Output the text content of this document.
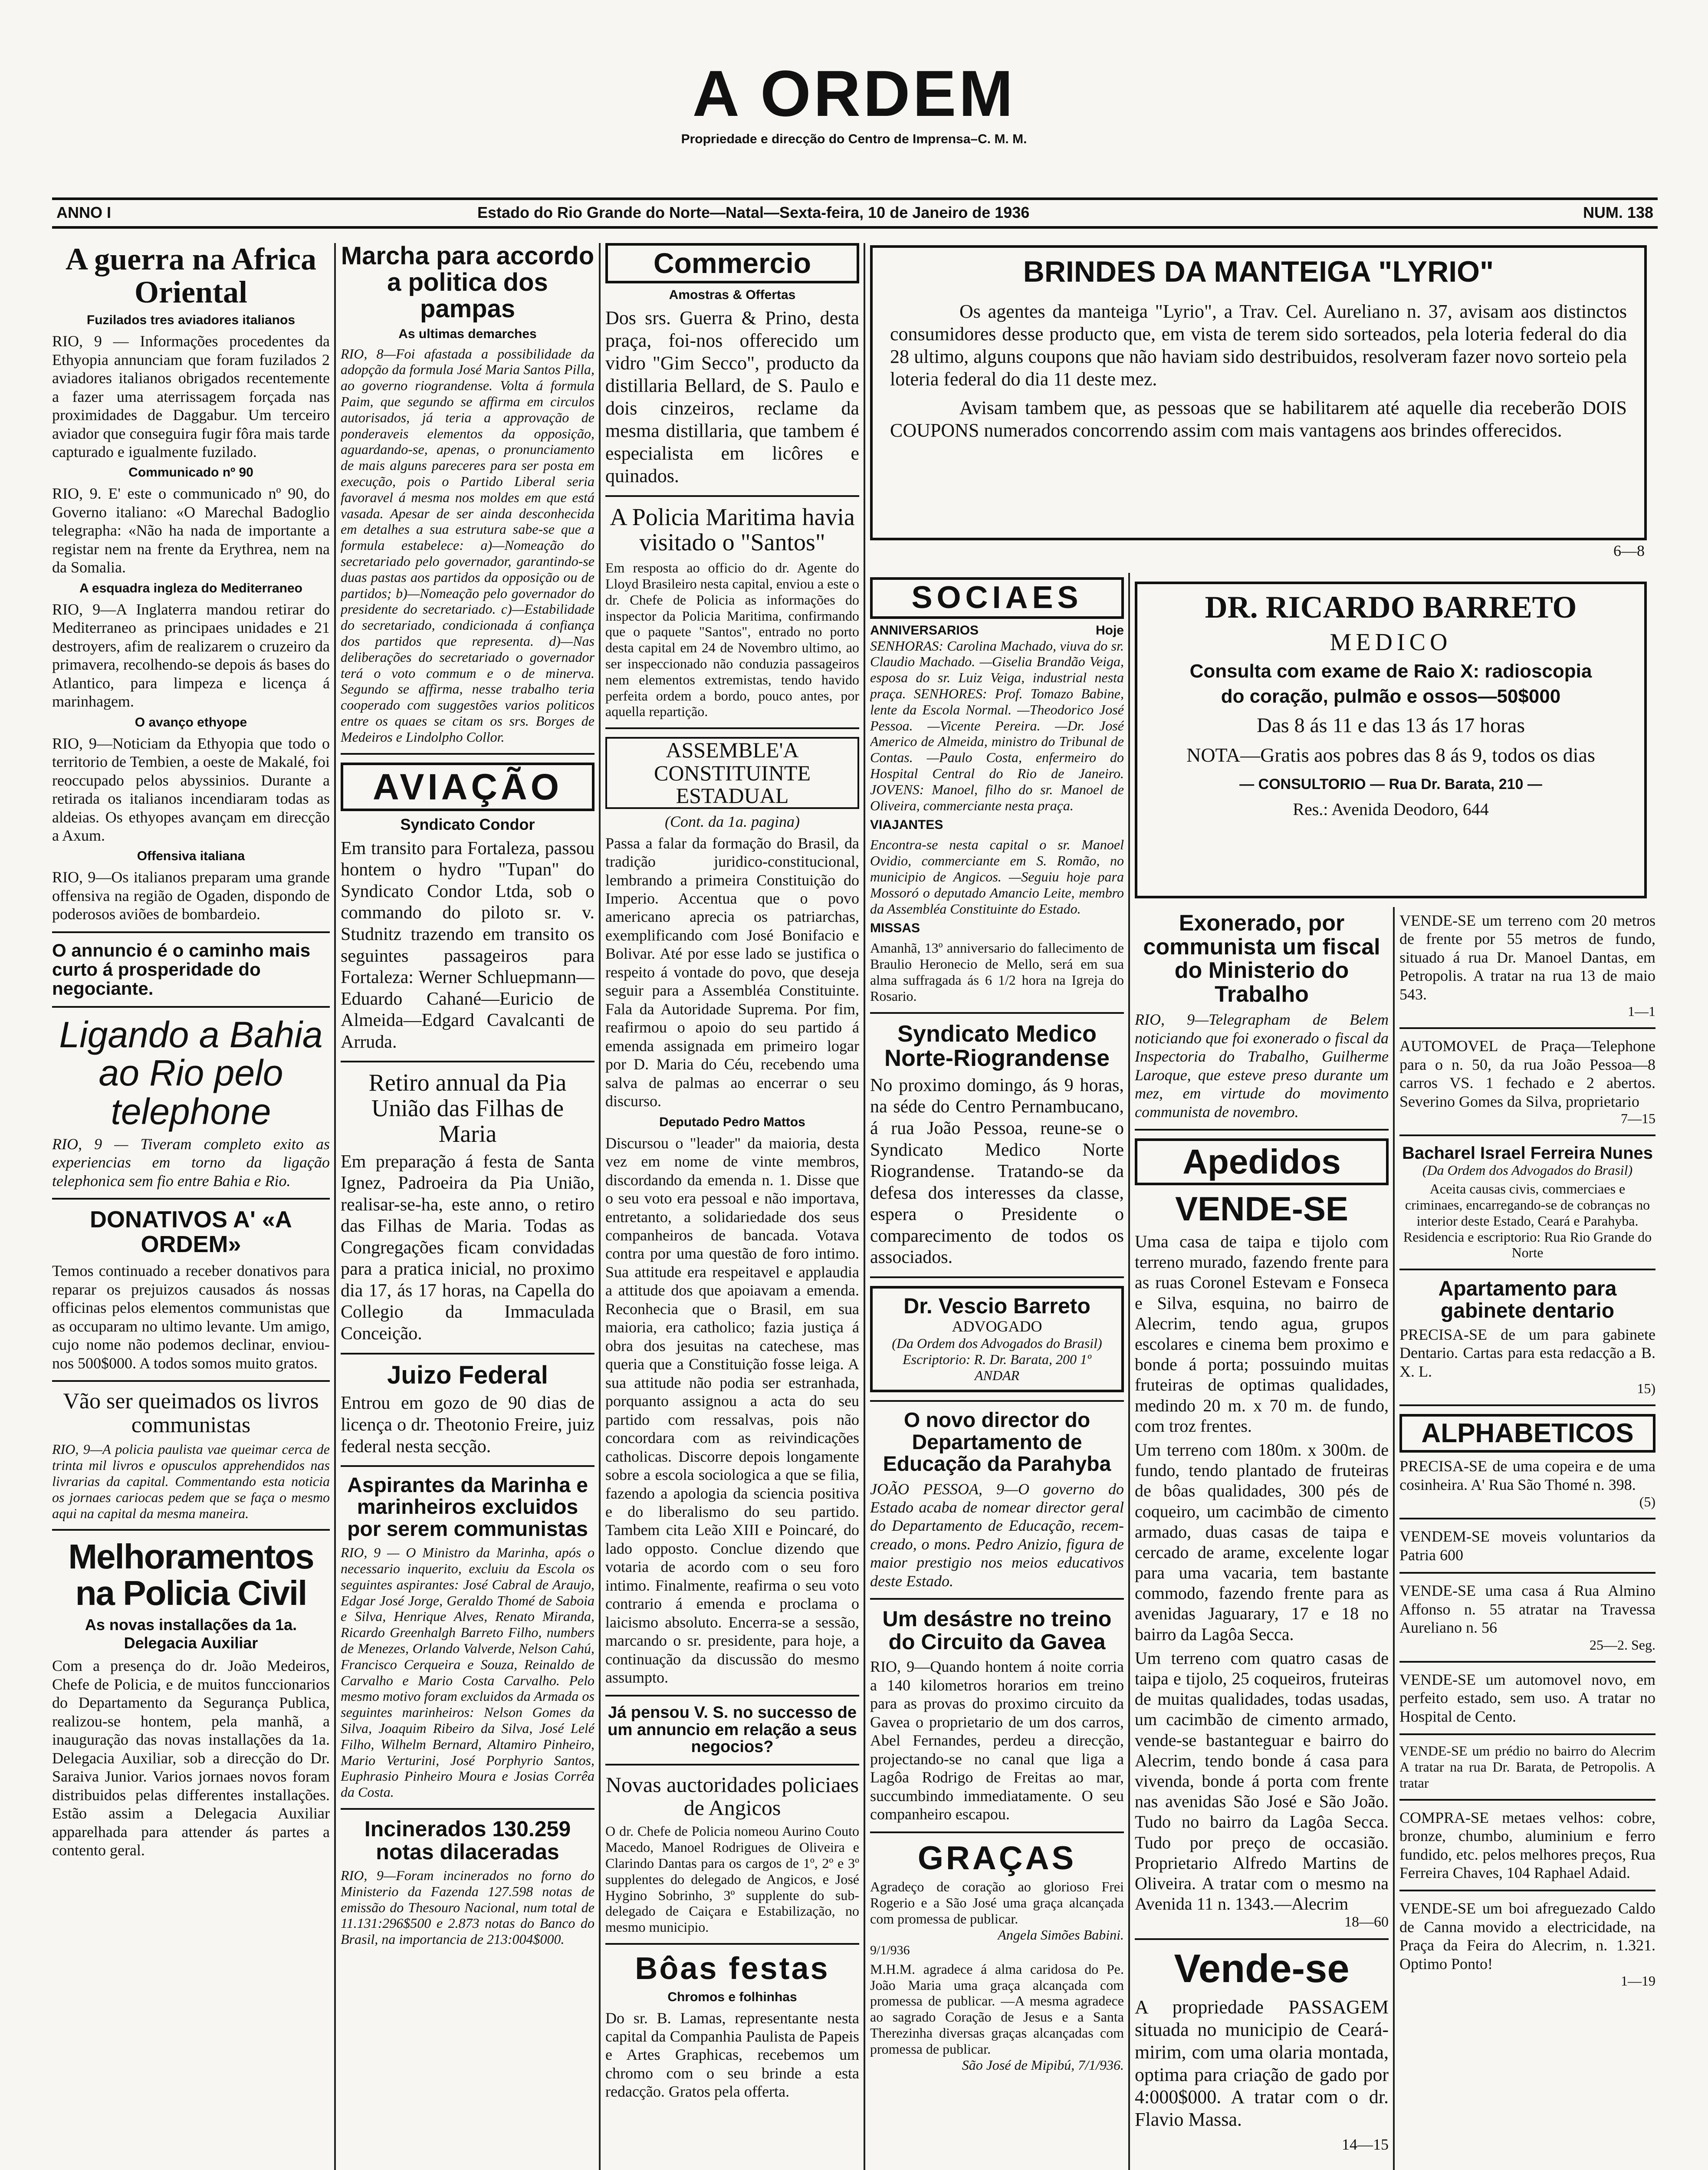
A ORDEM
Propriedade e direcção do Centro de Imprensa–C. M. M.
ANNO I	Estado do Rio Grande do Norte—Natal—Sexta-feira, 10 de Janeiro de 1936	NUM. 138
A guerra na Africa Oriental
Fuzilados tres aviadores italianos
RIO, 9 — Informações procedentes da Ethyopia annunciam que foram fuzilados 2 aviadores italianos obrigados recentemente a fazer uma aterrissagem forçada nas proximidades de Daggabur. Um terceiro aviador que conseguira fugir fôra mais tarde capturado e igualmente fuzilado.
Communicado nº 90
RIO, 9. E' este o communicado nº 90, do Governo italiano: «O Marechal Badoglio telegrapha: «Não ha nada de importante a registar nem na frente da Erythrea, nem na da Somalia.
A esquadra ingleza do Mediterraneo
RIO, 9—A Inglaterra mandou retirar do Mediterraneo as principaes unidades e 21 destroyers, afim de realizarem o cruzeiro da primavera, recolhendo-se depois ás bases do Atlantico, para limpeza e licença á marinhagem.
O avanço ethyope
RIO, 9—Noticiam da Ethyopia que todo o territorio de Tembien, a oeste de Makalé, foi reoccupado pelos abyssinios. Durante a retirada os italianos incendiaram todas as aldeias. Os ethyopes avançam em direcção a Axum.
Offensiva italiana
RIO, 9—Os italianos preparam uma grande offensiva na região de Ogaden, dispondo de poderosos aviões de bombardeio.
O annuncio é o caminho mais curto á prosperidade do negociante.
Ligando a Bahia ao Rio pelo telephone
RIO, 9 — Tiveram completo exito as experiencias em torno da ligação telephonica sem fio entre Bahia e Rio.
DONATIVOS A' «A ORDEM»
Temos continuado a receber donativos para reparar os prejuizos causados ás nossas officinas pelos elementos communistas que as occuparam no ultimo levante. Um amigo, cujo nome não podemos declinar, enviou-nos 500$000. A todos somos muito gratos.
Vão ser queimados os livros communistas
RIO, 9—A policia paulista vae queimar cerca de trinta mil livros e opusculos apprehendidos nas livrarias da capital. Commentando esta noticia os jornaes cariocas pedem que se faça o mesmo aqui na capital da mesma maneira.
Melhoramentos na Policia Civil
As novas installações da 1a. Delegacia Auxiliar
Com a presença do dr. João Medeiros, Chefe de Policia, e de muitos funccionarios do Departamento da Segurança Publica, realizou-se hontem, pela manhã, a inauguração das novas installações da 1a. Delegacia Auxiliar, sob a direcção do Dr. Saraiva Junior. Varios jornaes novos foram distribuidos pelas differentes installações. Estão assim a Delegacia Auxiliar apparelhada para attender ás partes a contento geral.
Marcha para accordo a politica dos pampas
As ultimas demarches
RIO, 8—Foi afastada a possibilidade da adopção da formula José Maria Santos Pilla, ao governo riograndense. Volta á formula Paim, que segundo se affirma em circulos autorisados, já teria a approvação de ponderaveis elementos da opposição, aguardando-se, apenas, o pronunciamento de mais alguns pareceres para ser posta em execução, pois o Partido Liberal seria favoravel á mesma nos moldes em que está vasada. Apesar de ser ainda desconhecida em detalhes a sua estrutura sabe-se que a formula estabelece: a)—Nomeação do secretariado pelo governador, garantindo-se duas pastas aos partidos da opposição ou de partidos; b)—Nomeação pelo governador do presidente do secretariado. c)—Estabilidade do secretariado, condicionada á confiança dos partidos que representa. d)—Nas deliberações do secretariado o governador terá o voto commum e o de minerva. Segundo se affirma, nesse trabalho teria cooperado com suggestões varios politicos entre os quaes se citam os srs. Borges de Medeiros e Lindolpho Collor.
AVIAÇÃO
Syndicato Condor
Em transito para Fortaleza, passou hontem o hydro "Tupan" do Syndicato Condor Ltda, sob o commando do piloto sr. v. Studnitz trazendo em transito os seguintes passageiros para Fortaleza: Werner Schluepmann—Eduardo Cahané—Euricio de Almeida—Edgard Cavalcanti de Arruda.
Retiro annual da Pia União das Filhas de Maria
Em preparação á festa de Santa Ignez, Padroeira da Pia União, realisar-se-ha, este anno, o retiro das Filhas de Maria. Todas as Congregações ficam convidadas para a pratica inicial, no proximo dia 17, ás 17 horas, na Capella do Collegio da Immaculada Conceição.
Juizo Federal
Entrou em gozo de 90 dias de licença o dr. Theotonio Freire, juiz federal nesta secção.
Aspirantes da Marinha e marinheiros excluidos por serem communistas
RIO, 9 — O Ministro da Marinha, após o necessario inquerito, excluiu da Escola os seguintes aspirantes: José Cabral de Araujo, Edgar José Jorge, Geraldo Thomé de Saboia e Silva, Henrique Alves, Renato Miranda, Ricardo Greenhalgh Barreto Filho, numbers de Menezes, Orlando Valverde, Nelson Cahú, Francisco Cerqueira e Souza, Reinaldo de Carvalho e Mario Costa Carvalho. Pelo mesmo motivo foram excluidos da Armada os seguintes marinheiros: Nelson Gomes da Silva, Joaquim Ribeiro da Silva, José Lelé Filho, Wilhelm Bernard, Altamiro Pinheiro, Mario Verturini, José Porphyrio Santos, Euphrasio Pinheiro Moura e Josias Corrêa da Costa.
Incinerados 130.259 notas dilaceradas
RIO, 9—Foram incinerados no forno do Ministerio da Fazenda 127.598 notas de emissão do Thesouro Nacional, num total de 11.131:296$500 e 2.873 notas do Banco do Brasil, na importancia de 213:004$000.
Commercio
Amostras & Offertas
Dos srs. Guerra & Prino, desta praça, foi-nos offerecido um vidro "Gim Secco", producto da distillaria Bellard, de S. Paulo e dois cinzeiros, reclame da mesma distillaria, que tambem é especialista em licôres e quinados.
A Policia Maritima havia visitado o "Santos"
Em resposta ao officio do dr. Agente do Lloyd Brasileiro nesta capital, enviou a este o dr. Chefe de Policia as informações do inspector da Policia Maritima, confirmando que o paquete "Santos", entrado no porto desta capital em 24 de Novembro ultimo, ao ser inspeccionado não conduzia passageiros nem elementos extremistas, tendo havido perfeita ordem a bordo, pouco antes, por aquella repartição.
ASSEMBLE'A CONSTITUINTE ESTADUAL
(Cont. da 1a. pagina)
Passa a falar da formação do Brasil, da tradição juridico-constitucional, lembrando a primeira Constituição do Imperio. Accentua que o povo americano aprecia os patriarchas, exemplificando com José Bonifacio e Bolivar. Até por esse lado se justifica o respeito á vontade do povo, que deseja seguir para a Assembléa Constituinte. Fala da Autoridade Suprema. Por fim, reafirmou o apoio do seu partido á emenda assignada em primeiro logar por D. Maria do Céu, recebendo uma salva de palmas ao encerrar o seu discurso.
Deputado Pedro Mattos
Discursou o "leader" da maioria, desta vez em nome de vinte membros, discordando da emenda n. 1. Disse que o seu voto era pessoal e não importava, entretanto, a solidariedade dos seus companheiros de bancada. Votava contra por uma questão de foro intimo. Sua attitude era respeitavel e applaudia a attitude dos que apoiavam a emenda. Reconhecia que o Brasil, em sua maioria, era catholico; fazia justiça á obra dos jesuitas na catechese, mas queria que a Constituição fosse leiga. A sua attitude não podia ser estranhada, porquanto assignou a acta do seu partido com ressalvas, pois não concordara com as reivindicações catholicas. Discorre depois longamente sobre a escola sociologica a que se filia, fazendo a apologia da sciencia positiva e do liberalismo do seu partido. Tambem cita Leão XIII e Poincaré, do lado opposto. Conclue dizendo que votaria de acordo com o seu foro intimo. Finalmente, reafirma o seu voto contrario á emenda e proclama o laicismo absoluto. Encerra-se a sessão, marcando o sr. presidente, para hoje, a continuação da discussão do mesmo assumpto.
Já pensou V. S. no successo de um annuncio em relação a seus negocios?
Novas auctoridades policiaes de Angicos
O dr. Chefe de Policia nomeou Aurino Couto Macedo, Manoel Rodrigues de Oliveira e Clarindo Dantas para os cargos de 1º, 2º e 3º supplentes do delegado de Angicos, e José Hygino Sobrinho, 3º supplente do sub-delegado de Caiçara e Estabilização, no mesmo municipio.
Bôas festas
Chromos e folhinhas
Do sr. B. Lamas, representante nesta capital da Companhia Paulista de Papeis e Artes Graphicas, recebemos um chromo com o seu brinde a esta redacção. Gratos pela offerta.
BRINDES DA MANTEIGA "LYRIO"
Os agentes da manteiga "Lyrio", a Trav. Cel. Aureliano n. 37, avisam aos distinctos consumidores desse producto que, em vista de terem sido sorteados, pela loteria federal do dia 28 ultimo, alguns coupons que não haviam sido destribuidos, resolveram fazer novo sorteio pela loteria federal do dia 11 deste mez.
Avisam tambem que, as pessoas que se habilitarem até aquelle dia receberão DOIS COUPONS numerados concorrendo assim com mais vantagens aos brindes offerecidos.
6—8
SOCIAES
ANNIVERSARIOS	Hoje
SENHORAS: Carolina Machado, viuva do sr. Claudio Machado. —Giselia Brandão Veiga, esposa do sr. Luiz Veiga, industrial nesta praça. SENHORES: Prof. Tomazo Babine, lente da Escola Normal. —Theodorico José Pessoa. —Vicente Pereira. —Dr. José Americo de Almeida, ministro do Tribunal de Contas. —Paulo Costa, enfermeiro do Hospital Central do Rio de Janeiro. JOVENS: Manoel, filho do sr. Manoel de Oliveira, commerciante nesta praça.
VIAJANTES
Encontra-se nesta capital o sr. Manoel Ovidio, commerciante em S. Romão, no municipio de Angicos. —Seguiu hoje para Mossoró o deputado Amancio Leite, membro da Assembléa Constituinte do Estado.
MISSAS
Amanhã, 13º anniversario do fallecimento de Braulio Heronecio de Mello, será em sua alma suffragada ás 6 1/2 hora na Igreja do Rosario.
Syndicato Medico Norte-Riograndense
No proximo domingo, ás 9 horas, na séde do Centro Pernambucano, á rua João Pessoa, reune-se o Syndicato Medico Norte Riograndense. Tratando-se da defesa dos interesses da classe, espera o Presidente o comparecimento de todos os associados.
Dr. Vescio Barreto
ADVOGADO
(Da Ordem dos Advogados do Brasil)
Escriptorio: R. Dr. Barata, 200 1º ANDAR
O novo director do Departamento de Educação da Parahyba
JOÃO PESSOA, 9—O governo do Estado acaba de nomear director geral do Departamento de Educação, recem-creado, o mons. Pedro Anizio, figura de maior prestigio nos meios educativos deste Estado.
Um desástre no treino do Circuito da Gavea
RIO, 9—Quando hontem á noite corria a 140 kilometros horarios em treino para as provas do proximo circuito da Gavea o proprietario de um dos carros, Abel Fernandes, perdeu a direcção, projectando-se no canal que liga a Lagôa Rodrigo de Freitas ao mar, succumbindo immediatamente. O seu companheiro escapou.
GRAÇAS
Agradeço de coração ao glorioso Frei Rogerio e a São José uma graça alcançada com promessa de publicar.
Angela Simões Babini.
9/1/936
M.H.M. agradece á alma caridosa do Pe. João Maria uma graça alcançada com promessa de publicar. —A mesma agradece ao sagrado Coração de Jesus e a Santa Therezinha diversas graças alcançadas com promessa de publicar.
São José de Mipibú, 7/1/936.
DR. RICARDO BARRETO
MEDICO
Consulta com exame de Raio X: radioscopia
do coração, pulmão e ossos—50$000
Das 8 ás 11 e das 13 ás 17 horas
NOTA—Gratis aos pobres das 8 ás 9, todos os dias
— CONSULTORIO — Rua Dr. Barata, 210 —
Res.: Avenida Deodoro, 644
Exonerado, por communista um fiscal do Ministerio do Trabalho
RIO, 9—Telegrapham de Belem noticiando que foi exonerado o fiscal da Inspectoria do Trabalho, Guilherme Laroque, que esteve preso durante um mez, em virtude do movimento communista de novembro.
Apedidos
VENDE-SE
Uma casa de taipa e tijolo com terreno murado, fazendo frente para as ruas Coronel Estevam e Fonseca e Silva, esquina, no bairro de Alecrim, tendo agua, grupos escolares e cinema bem proximo e bonde á porta; possuindo muitas fruteiras de optimas qualidades, medindo 20 m. x 70 m. de fundo, com troz frentes.
Um terreno com 180m. x 300m. de fundo, tendo plantado de fruteiras de bôas qualidades, 300 pés de coqueiro, um cacimbão de cimento armado, duas casas de taipa e cercado de arame, excelente logar para uma vacaria, tem bastante commodo, fazendo frente para as avenidas Jaguarary, 17 e 18 no bairro da Lagôa Secca.
Um terreno com quatro casas de taipa e tijolo, 25 coqueiros, fruteiras de muitas qualidades, todas usadas, um cacimbão de cimento armado, vende-se bastanteguar e bairro do Alecrim, tendo bonde á casa para vivenda, bonde á porta com frente nas avenidas São José e São João. Tudo no bairro da Lagôa Secca. Tudo por preço de occasião. Proprietario Alfredo Martins de Oliveira. A tratar com o mesmo na Avenida 11 n. 1343.—Alecrim
18—60
Vende-se
A propriedade PASSAGEM situada no municipio de Ceará-mirim, com uma olaria montada, optima para criação de gado por 4:000$000. A tratar com o dr. Flavio Massa.
14—15
VENDE-SE um terreno com 20 metros de frente por 55 metros de fundo, situado á rua Dr. Manoel Dantas, em Petropolis. A tratar na rua 13 de maio 543.
1—1
AUTOMOVEL de Praça—Telephone para o n. 50, da rua João Pessoa—8 carros VS. 1 fechado e 2 abertos. Severino Gomes da Silva, proprietario
7—15
Bacharel Israel Ferreira Nunes
(Da Ordem dos Advogados do Brasil)
Aceita causas civis, commerciaes e criminaes, encarregando-se de cobranças no interior deste Estado, Ceará e Parahyba. Residencia e escriptorio: Rua Rio Grande do Norte
Apartamento para gabinete dentario
PRECISA-SE de um para gabinete Dentario. Cartas para esta redacção a B. X. L.
15)
ALPHABETICOS
PRECISA-SE de uma copeira e de uma cosinheira. A' Rua São Thomé n. 398.
(5)
VENDEM-SE moveis voluntarios da Patria 600
VENDE-SE uma casa á Rua Almino Affonso n. 55 atratar na Travessa Aureliano n. 56
25—2. Seg.
VENDE-SE um automovel novo, em perfeito estado, sem uso. A tratar no Hospital de Cento.
VENDE-SE um prédio no bairro do Alecrim A tratar na rua Dr. Barata, de Petropolis. A tratar
COMPRA-SE metaes velhos: cobre, bronze, chumbo, aluminium e ferro fundido, etc. pelos melhores preços, Rua Ferreira Chaves, 104 Raphael Adaid.
VENDE-SE um boi afreguezado Caldo de Canna movido a electricidade, na Praça da Feira do Alecrim, n. 1.321. Optimo Ponto!
1—19
